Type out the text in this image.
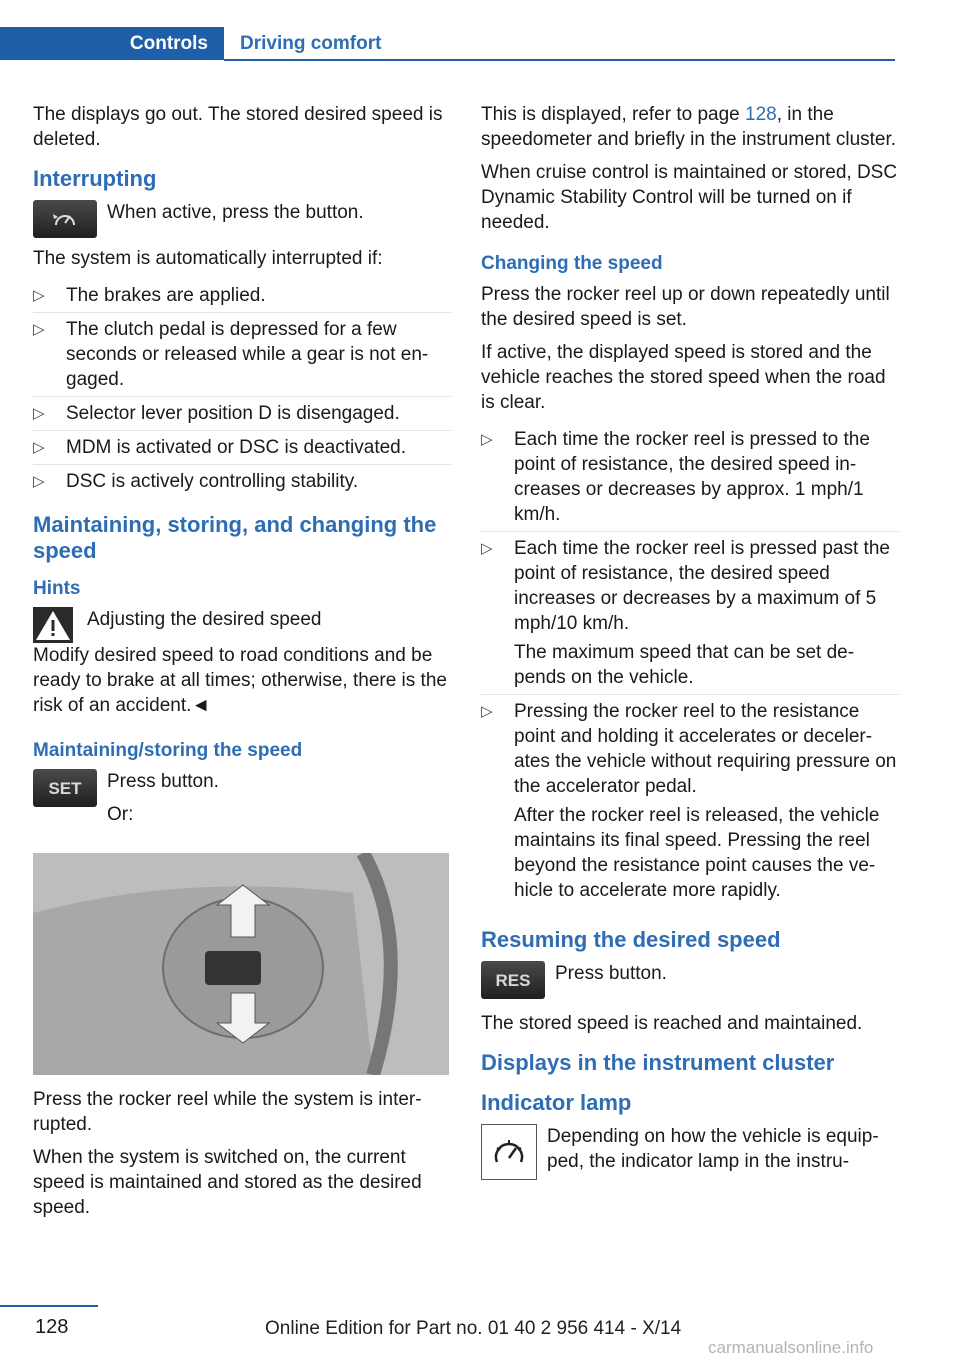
Controls	Driving comfort

The displays go out. The stored desired speed is deleted.

Interrupting

When active, press the button.

The system is automatically interrupted if:

▷ The brakes are applied.

▷ The clutch pedal is depressed for a few seconds or released while a gear is not en‐ gaged.

▷ Selector lever position D is disengaged.

▷ MDM is activated or DSC is deactivated.

▷ DSC is actively controlling stability.

Maintaining, storing, and changing the speed
Hints

Adjusting the desired speed

Modify desired speed to road conditions and be ready to brake at all times; otherwise, there is the risk of an accident.◄

Maintaining/storing the speed
SET	Press button.

Or:

Press the rocker reel while the system is inter‐ rupted.

When the system is switched on, the current speed is maintained and stored as the desired speed.

This is displayed, refer to page 128, in the speedometer and briefly in the instrument cluster.

When cruise control is maintained or stored, DSC Dynamic Stability Control will be turned on if needed.

Changing the speed

Press the rocker reel up or down repeatedly until the desired speed is set.

If active, the displayed speed is stored and the vehicle reaches the stored speed when the road is clear.

▷ Each time the rocker reel is pressed to the point of resistance, the desired speed in‐ creases or decreases by approx. 1 mph/1 km/h.

▷ Each time the rocker reel is pressed past the point of resistance, the desired speed increases or decreases by a maximum of 5 mph/10 km/h.

The maximum speed that can be set de‐ pends on the vehicle.

▷ Pressing the rocker reel to the resistance point and holding it accelerates or deceler‐ ates the vehicle without requiring pressure on the accelerator pedal.

After the rocker reel is released, the vehicle maintains its final speed. Pressing the reel beyond the resistance point causes the ve‐ hicle to accelerate more rapidly.

Resuming the desired speed
RES	Press button.

The stored speed is reached and maintained.

Displays in the instrument cluster
Indicator lamp

Depending on how the vehicle is equip‐ ped, the indicator lamp in the instru‐

128	Online Edition for Part no. 01 40 2 956 414 - X/14
carmanualsonline.info
